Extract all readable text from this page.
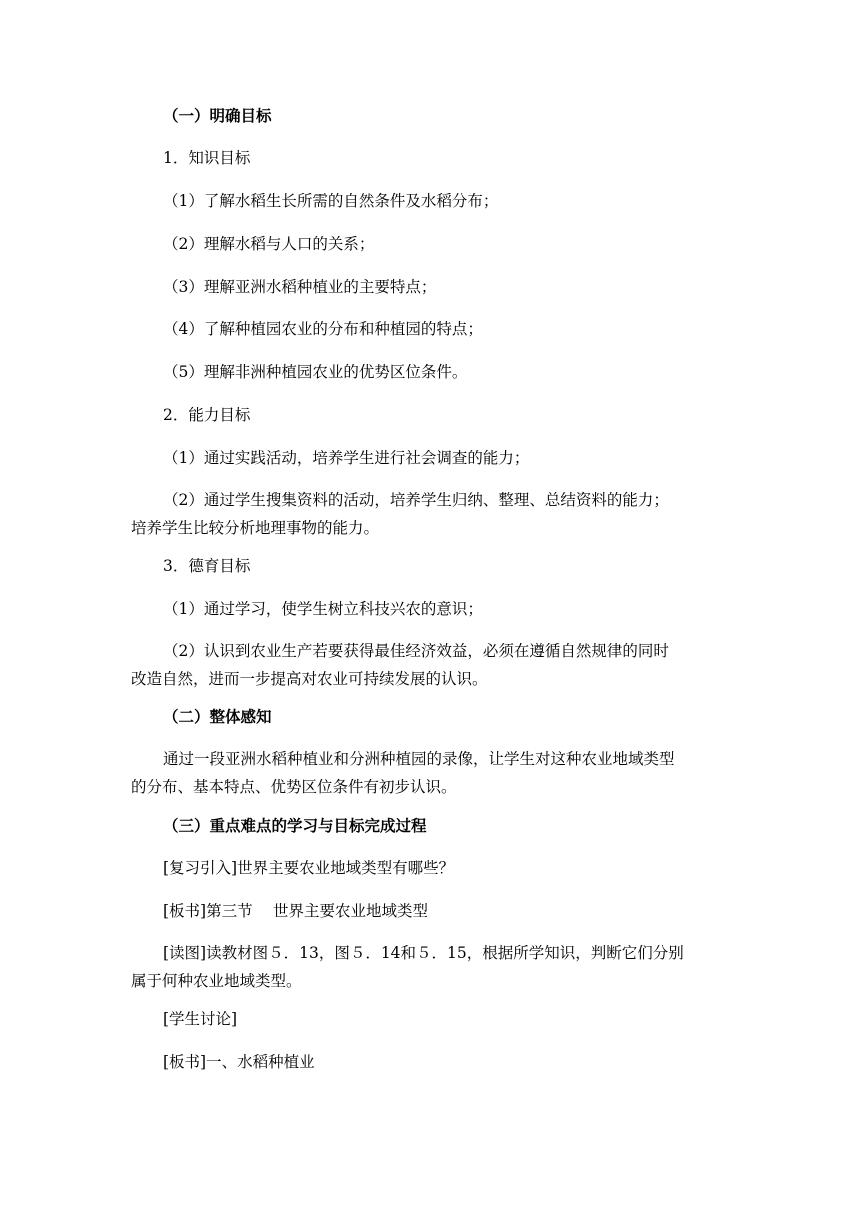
（一）明确目标
1．知识目标
（1）了解水稻生长所需的自然条件及水稻分布；
（2）理解水稻与人口的关系；
（3）理解亚洲水稻种植业的主要特点；
（4）了解种植园农业的分布和种植园的特点；
（5）理解非洲种植园农业的优势区位条件。
2．能力目标
（1）通过实践活动，培养学生进行社会调查的能力；
（2）通过学生搜集资料的活动，培养学生归纳、整理、总结资料的能力；
培养学生比较分析地理事物的能力。
3．德育目标
（1）通过学习，使学生树立科技兴农的意识；
（2）认识到农业生产若要获得最佳经济效益，必须在遵循自然规律的同时
改造自然，进而一步提高对农业可持续发展的认识。
（二）整体感知
通过一段亚洲水稻种植业和分洲种植园的录像，让学生对这种农业地域类型
的分布、基本特点、优势区位条件有初步认识。
（三）重点难点的学习与目标完成过程
[复习引入]世界主要农业地域类型有哪些？
[板书]第三节　 世界主要农业地域类型
[读图]读教材图５．13，图５．14和５．15，根据所学知识，判断它们分别
属于何种农业地域类型。
[学生讨论]
[板书]一、水稻种植业
